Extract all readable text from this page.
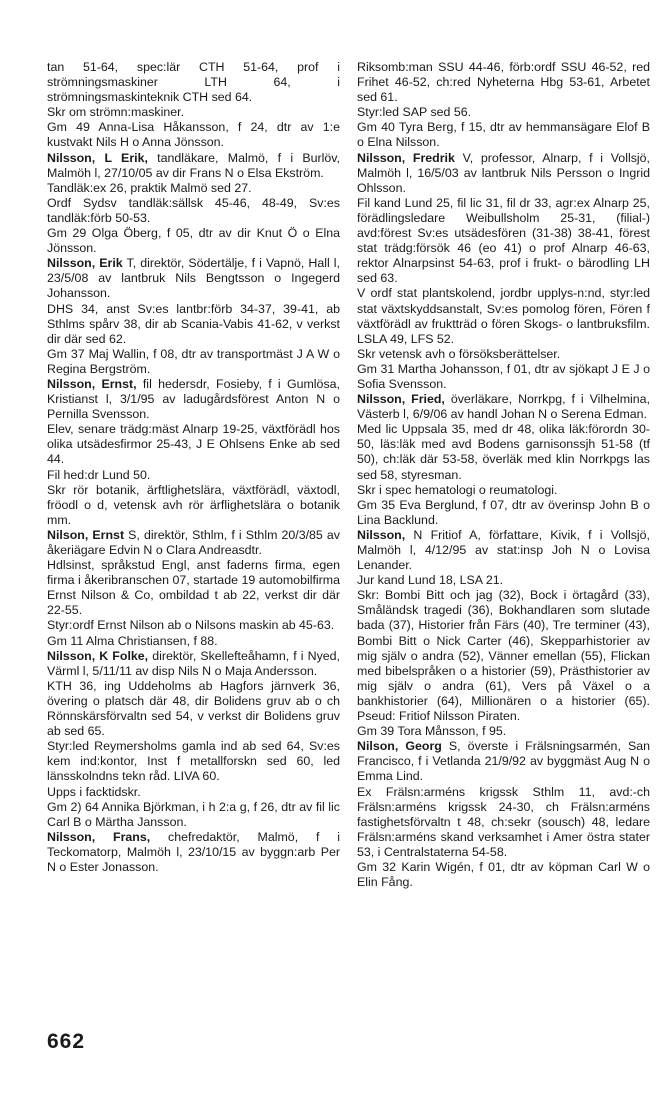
tan 51-64, spec:lär CTH 51-64, prof i strömningsmaskiner LTH 64, i strömningsmaskinteknik CTH sed 64.

Skr om strömn:maskiner.

Gm 49 Anna-Lisa Håkansson, f 24, dtr av 1:e kustvakt Nils H o Anna Jönsson.

Nilsson, L Erik, tandläkare, Malmö, f i Burlöv, Malmöh l, 27/10/05 av dir Frans N o Elsa Ekström.

Tandläk:ex 26, praktik Malmö sed 27.

Ordf Sydsv tandläk:sällsk 45-46, 48-49, Sv:es tandläk:förb 50-53.

Gm 29 Olga Öberg, f 05, dtr av dir Knut Ö o Elna Jönsson.

Nilsson, Erik T, direktör, Södertälje, f i Vapnö, Hall l, 23/5/08 av lantbruk Nils Bengtsson o Ingegerd Johansson.

DHS 34, anst Sv:es lantbr:förb 34-37, 39-41, ab Sthlms spårv 38, dir ab Scania-Vabis 41-62, v verkst dir där sed 62.

Gm 37 Maj Wallin, f 08, dtr av transportmäst J A W o Regina Bergström.

Nilsson, Ernst, fil hedersdr, Fosieby, f i Gumlösa, Kristianst l, 3/1/95 av ladugårdsförest Anton N o Pernilla Svensson.

Elev, senare trädg:mäst Alnarp 19-25, växtförädl hos olika utsädesfirmor 25-43, J E Ohlsens Enke ab sed 44.

Fil hed:dr Lund 50.

Skr rör botanik, ärftlighetslära, växtförädl, växtodl, fröodl o d, vetensk avh rör ärflighetslära o botanik mm.

Nilson, Ernst S, direktör, Sthlm, f i Sthlm 20/3/85 av åkeriägare Edvin N o Clara Andreasdtr.

Hdlsinst, språkstud Engl, anst faderns firma, egen firma i åkeribranschen 07, startade 19 automobilfirma Ernst Nilson & Co, ombildad t ab 22, verkst dir där 22-55.

Styr:ordf Ernst Nilson ab o Nilsons maskin ab 45-63.

Gm 11 Alma Christiansen, f 88.

Nilsson, K Folke, direktör, Skellefteåhamn, f i Nyed, Värml l, 5/11/11 av disp Nils N o Maja Andersson.

KTH 36, ing Uddeholms ab Hagfors järnverk 36, övering o platsch där 48, dir Bolidens gruv ab o ch Rönnskärsförvaltn sed 54, v verkst dir Bolidens gruv ab sed 65.

Styr:led Reymersholms gamla ind ab sed 64, Sv:es kem ind:kontor, Inst f metallforskn sed 60, led länsskolndns tekn råd. LIVA 60.

Upps i facktidskr.

Gm 2) 64 Annika Björkman, i h 2:a g, f 26, dtr av fil lic Carl B o Märtha Jansson.

Nilsson, Frans, chefredaktör, Malmö, f i Teckomatorp, Malmöh l, 23/10/15 av byggn:arb Per N o Ester Jonasson.

Riksomb:man SSU 44-46, förb:ordf SSU 46-52, red Frihet 46-52, ch:red Nyheterna Hbg 53-61, Arbetet sed 61.

Styr:led SAP sed 56.

Gm 40 Tyra Berg, f 15, dtr av hemmansägare Elof B o Elna Nilsson.

Nilsson, Fredrik V, professor, Alnarp, f i Vollsjö, Malmöh l, 16/5/03 av lantbruk Nils Persson o Ingrid Ohlsson.

Fil kand Lund 25, fil lic 31, fil dr 33, agr:ex Alnarp 25, förädlingsledare Weibullsholm 25-31, (filial-) avd:förest Sv:es utsädesfören (31-38) 38-41, förest stat trädg:försök 46 (eo 41) o prof Alnarp 46-63, rektor Alnarpsinst 54-63, prof i frukt- o bärodling LH sed 63.

V ordf stat plantskolend, jordbr upplys-n:nd, styr:led stat växtskyddsanstalt, Sv:es pomolog fören, Fören f växtförädl av fruktträd o fören Skogs- o lantbruksfilm. LSLA 49, LFS 52.

Skr vetensk avh o försöksberättelser.

Gm 31 Martha Johansson, f 01, dtr av sjökapt J E J o Sofia Svensson.

Nilsson, Fried, överläkare, Norrkpg, f i Vilhelmina, Västerb l, 6/9/06 av handl Johan N o Serena Edman.

Med lic Uppsala 35, med dr 48, olika läk:förordn 30-50, läs:läk med avd Bodens garnisonssjh 51-58 (tf 50), ch:läk där 53-58, överläk med klin Norrkpgs las sed 58, styresman.

Skr i spec hematologi o reumatologi.

Gm 35 Eva Berglund, f 07, dtr av överinsp John B o Lina Backlund.

Nilsson, N Fritiof A, författare, Kivik, f i Vollsjö, Malmöh l, 4/12/95 av stat:insp Joh N o Lovisa Lenander.

Jur kand Lund 18, LSA 21.

Skr: Bombi Bitt och jag (32), Bock i örtagård (33), Småländsk tragedi (36), Bokhandlaren som slutade bada (37), Historier från Färs (40), Tre terminer (43), Bombi Bitt o Nick Carter (46), Skepparhistorier av mig själv o andra (52), Vänner emellan (55), Flickan med bibelspråken o a historier (59), Prästhistorier av mig själv o andra (61), Vers på Växel o a bankhistorier (64), Millionären o a historier (65). Pseud: Fritiof Nilsson Piraten.

Gm 39 Tora Månsson, f 95.

Nilson, Georg S, överste i Frälsningsarmén, San Francisco, f i Vetlanda 21/9/92 av byggmäst Aug N o Emma Lind.

Ex Frälsn:arméns krigssk Sthlm 11, avd:-ch Frälsn:arméns krigssk 24-30, ch Frälsn:arméns fastighetsförvaltn t 48, ch:sekr (sousch) 48, ledare Frälsn:arméns skand verksamhet i Amer östra stater 53, i Centralstaterna 54-58.

Gm 32 Karin Wigén, f 01, dtr av köpman Carl W o Elin Fång.

662
